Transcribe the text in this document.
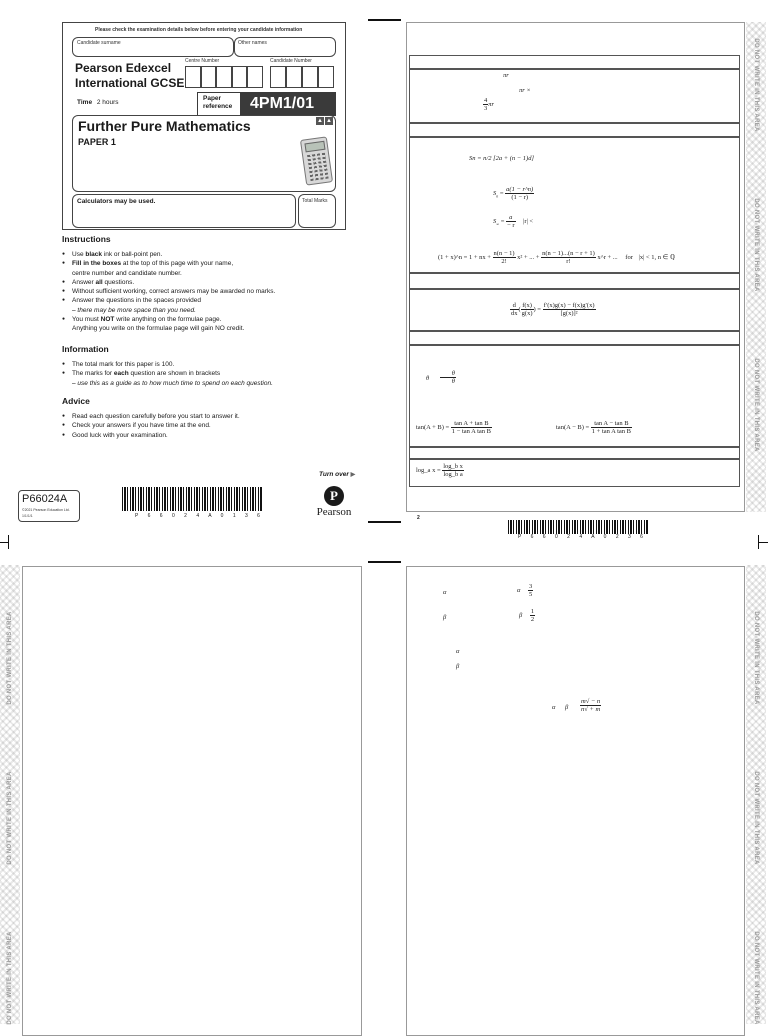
Please check the examination details below before entering your candidate information
Candidate surname	Other names
Pearson Edexcel
International GCSE
Centre Number	Candidate Number
Time 2 hours
Paper
reference	4PM1/01
Further Pure Mathematics
PAPER 1
▲ ▲
Calculators may be used.	Total Marks
Instructions
● Use black ink or ball-point pen.
● Fill in the boxes at the top of this page with your name,
centre number and candidate number.
● Answer all questions.
● Without sufficient working, correct answers may be awarded no marks.
● Answer the questions in the spaces provided
– there may be more space than you need.
● You must NOT write anything on the formulae page.
Anything you write on the formulae page will gain NO credit.
Information
● The total mark for this paper is 100.
● The marks for each question are shown in brackets
– use this as a guide as to how much time to spend on each question.
Advice
● Read each question carefully before you start to answer it.
● Check your answers if you have time at the end.
● Good luck with your examination.
Turn over ▶
P66024A
©2021 Pearson Education Ltd.
1/1/1/1	P 6 6 0 2 4 A 0 1 3 6
P
Pearson
DO NOT WRITE IN THIS AREA
DO NOT WRITE IN THIS AREA
DO NOT WRITE IN THIS AREA
πr
πr ×
$\frac{4}{3}$ πr
Sn = n/2 [2a + (n − 1)d]
$S_n = \frac{a(1 - r\^{}n)}{(1 - r)}$
$S_\infty = \frac{a}{- r} |r|$ <
(1 + x)^n = 1 + nx + $\frac{n(n - 1)}{2!} x^2$ + ... + $\frac{n(n - 1)...(n - r + 1)}{r!}$ x^r + ... for |x| < 1, n ∈ ℚ
$\frac{d}{dx}$ ( $\frac{f(x)}{g(x)}$ ) = $\frac{f'(x)g(x) - f(x)g'(x)}{\text{[g(x)]²}}$
θ $\frac{\theta}{\theta}$
$\tan(A + B) = \frac{\text{tan A + tan B}}{\text{1 − tan A tan B}}$	$\tan(A - B) = \frac{\text{tan A − tan B}}{\text{1 + tan A tan B}}$
log_a $x = \frac{\text{log\_b x}}{\text{log\_b a}}$
2
P 6 6 0 2 4 A 0 2 3 6
DO NOT WRITE IN THIS AREA
DO NOT WRITE IN THIS AREA
DO NOT WRITE IN THIS AREA
DO NOT WRITE IN THIS AREA
DO NOT WRITE IN THIS AREA
DO NOT WRITE IN THIS AREA
α	α $\frac{3}{5}$
β	β $\frac{1}{2}$
α
β
α β $\frac{m√ - n}{n√ + m}$
